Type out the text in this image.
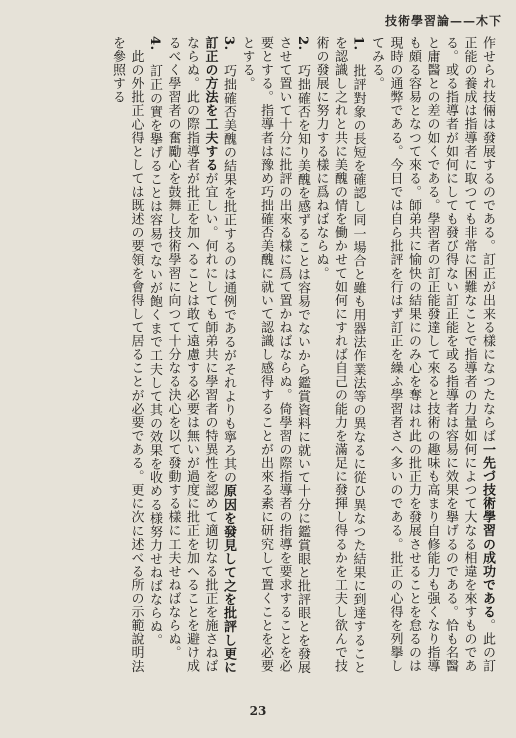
技術學習論——木下

作せられ技倆は發展するのである。訂正が出来る樣になつたならば一先づ技術學習の成功である。此の訂正能の養成は指導者に取つても非常に困難なことで指導者の力量如何によつて大なる相違を來すものである。或る指導者が如何にしても發び得ない訂正能を或る指導者は容易に效果を擧げるのである。恰も名醫と庸醫との差の如くである。學習者の訂正能發達して來ると技術の趣味も高まり自修能力も强くなり指導も頗る容易となつて來る。師弟共に愉快の結果にのみ心を奪はれ此の批正力を發展させることを怠るのは現時の通弊である。今日では自ら批評を行はず訂正を繰ふ學習者さへ多いのである。批正の心得を列擧してみる。

1.　批評對象の長短を確認し同一場合と雖も用器法作業法等の異なるに從ひ異なつた結果に到達することを認識し之れと共に美醜の情を働かせて如何にすれば自己の能力を滿足に發揮し得るかを工夫し欲んで技術の發展に努力する樣に爲ねばならぬ。

2.　巧拙確否を知り美醜を感ずることは容易でないから鑑賞資料に就いて十分に鑑賞眼と批評眼とを發展させて置いて十分に批評の出來る樣に爲て置かねばならぬ。倚學習の際指導者の指導を要求することを必要とする。指導者は豫め巧拙確否美醜に就いて認識し感得することが出來る素に研究して置くことを必要とする。

3.　巧拙確否美醜の結果を批正するのは通例であるがそれよりも寧ろ其の原因を發見して之を批評し更に訂正の方法を工夫するが宜しい。何れにしても師弟共に學習者の特異性を認めて適切なる批正を施さねばならぬ。此の際指導者が批正を加へることは敢て遠慮する必要は無いが過度に批正を加へることを避け成るべく學習者の奮勵心を鼓舞し技術學習に向つて十分なる決心を以て發動する樣に工夫せねばならぬ。

4.　訂正の實を擧げることは容易でないが飽くまで工夫して其の效果を收める様努力せねばならぬ。

　此の外批正心得としては既述の要領を會得して居ることが必要である。更に次に述べる所の示範說明法を參照する

23
